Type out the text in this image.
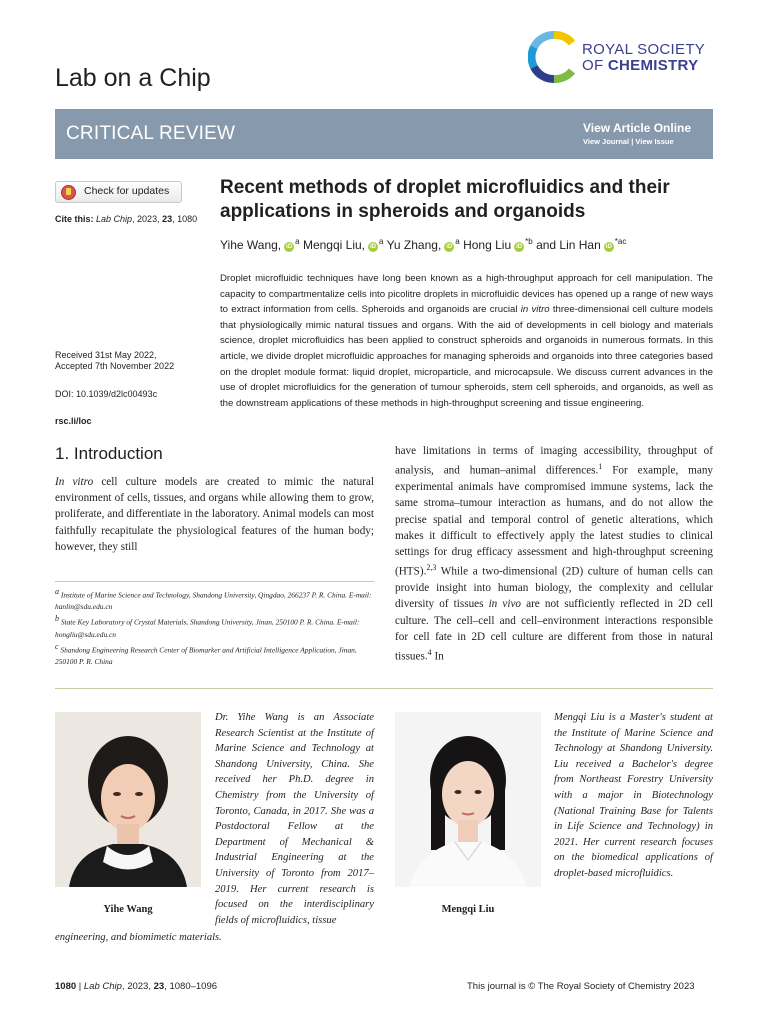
Lab on a Chip
ROYAL SOCIETY
OF CHEMISTRY
CRITICAL REVIEW	View Article Online
View Journal | View Issue
Check for updates
Cite this: Lab Chip, 2023, 23, 1080
Received 31st May 2022,
Accepted 7th November 2022
DOI: 10.1039/d2lc00493c
rsc.li/loc
Recent methods of droplet microfluidics and their applications in spheroids and organoids
Yihe Wang, $iD^a$ Mengqi Liu, $iD^a$ Yu Zhang, $iD^a$ Hong Liu $iD^{*b}$ and Lin Han $iD^{*ac}$
Droplet microfluidic techniques have long been known as a high-throughput approach for cell manipulation. The capacity to compartmentalize cells into picolitre droplets in microfluidic devices has opened up a range of new ways to extract information from cells. Spheroids and organoids are crucial in vitro three-dimensional cell culture models that physiologically mimic natural tissues and organs. With the aid of developments in cell biology and materials science, droplet microfluidics has been applied to construct spheroids and organoids in numerous formats. In this article, we divide droplet microfluidic approaches for managing spheroids and organoids into three categories based on the droplet module format: liquid droplet, microparticle, and microcapsule. We discuss current advances in the use of droplet microfluidics for the generation of tumour spheroids, stem cell spheroids, and organoids, as well as the downstream applications of these methods in high-throughput screening and tissue engineering.
1. Introduction
In vitro cell culture models are created to mimic the natural environment of cells, tissues, and organs while allowing them to grow, proliferate, and differentiate in the laboratory. Animal models can most faithfully recapitulate the physiological features of the human body; however, they still
have limitations in terms of imaging accessibility, throughput of analysis, and human–animal differences.$^1$ For example, many experimental animals have compromised immune systems, lack the same stroma–tumour interaction as humans, and do not allow the precise spatial and temporal control of genetic alterations, which makes it difficult to effectively apply the latest studies to clinical settings for drug efficacy assessment and high-throughput screening (HTS).$^{2,3}$ While a two-dimensional (2D) culture of human cells can provide insight into human biology, the complexity and cellular diversity of tissues in vivo are not sufficiently reflected in 2D cell culture. The cell–cell and cell–environment interactions responsible for cell fate in 2D cell culture are different from those in natural tissues.$^4$ In
$^a$ Institute of Marine Science and Technology, Shandong University, Qingdao, 266237 P. R. China. E-mail: hanlin@sdu.edu.cn
$^b$ State Key Laboratory of Crystal Materials, Shandong University, Jinan, 250100 P. R. China. E-mail: hongliu@sdu.edu.cn
$^c$ Shandong Engineering Research Center of Biomarker and Artificial Intelligence Application, Jinan, 250100 P. R. China
Yihe Wang
Dr. Yihe Wang is an Associate Research Scientist at the Institute of Marine Science and Technology at Shandong University, China. She received her Ph.D. degree in Chemistry from the University of Toronto, Canada, in 2017. She was a Postdoctoral Fellow at the Department of Mechanical & Industrial Engineering at the University of Toronto from 2017–2019. Her current research is focused on the interdisciplinary fields of microfluidics, tissue
engineering, and biomimetic materials.
Mengqi Liu
Mengqi Liu is a Master's student at the Institute of Marine Science and Technology at Shandong University. Liu received a Bachelor's degree from Northeast Forestry University with a major in Biotechnology (National Training Base for Talents in Life Science and Technology) in 2021. Her current research focuses on the biomedical applications of droplet-based microfluidics.
1080 | Lab Chip, 2023, 23, 1080–1096	This journal is © The Royal Society of Chemistry 2023
